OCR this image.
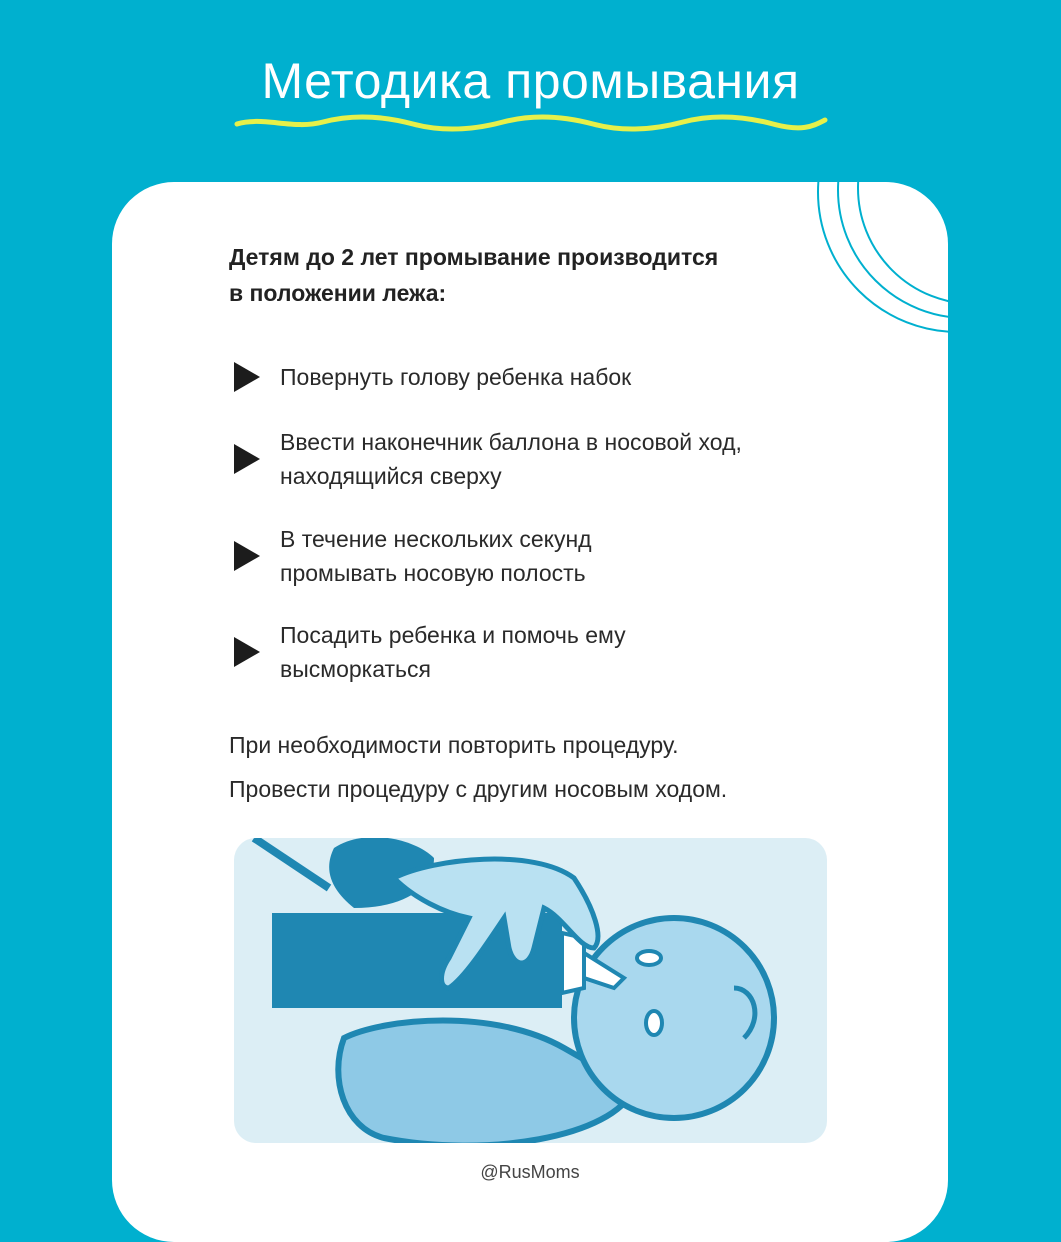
Методика промывания
Детям до 2 лет промывание производится в положении лежа:
Повернуть голову ребенка набок
Ввести наконечник баллона в носовой ход, находящийся сверху
В течение нескольких секунд промывать носовую полость
Посадить ребенка и помочь ему высморкаться
При необходимости повторить процедуру.
Провести процедуру с другим носовым ходом.
@RusMoms
